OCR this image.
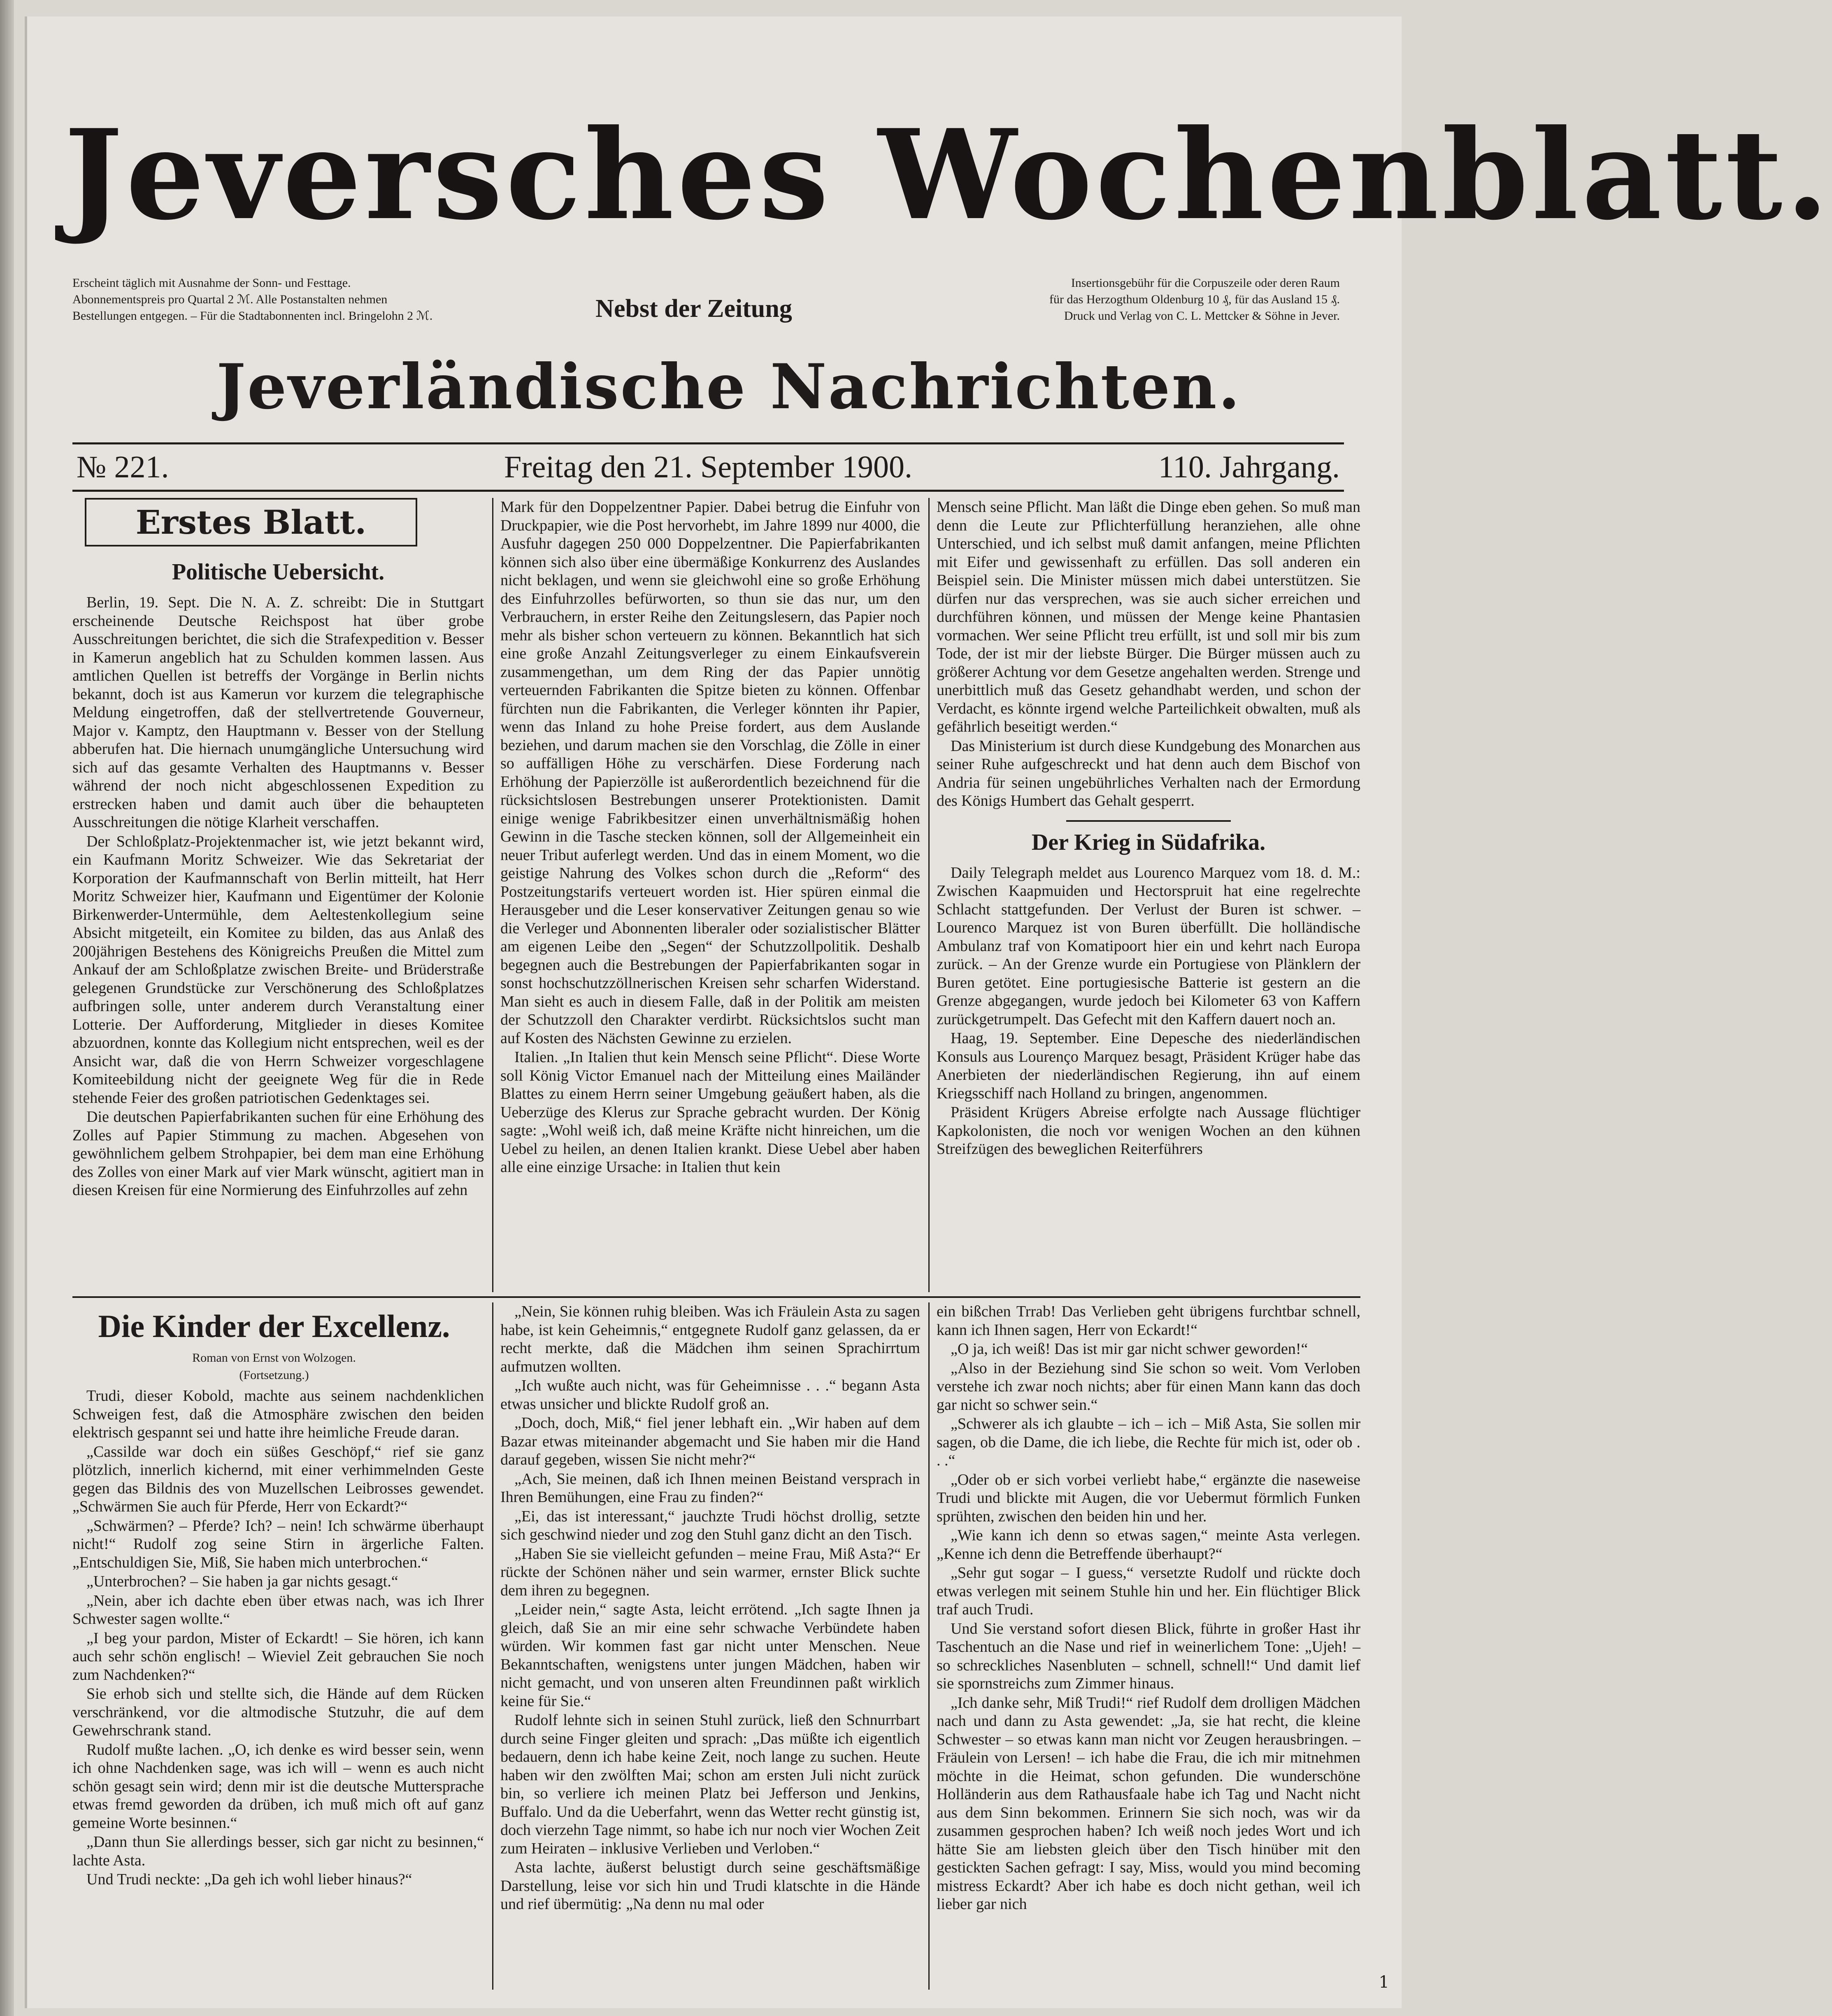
Jeversches Wochenblatt.
Erscheint täglich mit Ausnahme der Sonn- und Festtage.
Abonnementspreis pro Quartal 2 ℳ. Alle Postanstalten nehmen
Bestellungen entgegen. – Für die Stadtabonnenten incl. Bringelohn 2 ℳ.	Nebst der Zeitung
Insertionsgebühr für die Corpuszeile oder deren Raum
für das Herzogthum Oldenburg 10 ₰, für das Ausland 15 ₰.
Druck und Verlag von C. L. Mettcker & Söhne in Jever.
Jeverländische Nachrichten.
№ 221.	Freitag den 21. September 1900.	110. Jahrgang.
Erstes Blatt.

Politische Uebersicht.

Berlin, 19. Sept. Die N. A. Z. schreibt: Die in Stuttgart erscheinende Deutsche Reichspost hat über grobe Ausschreitungen berichtet, die sich die Strafexpedition v. Besser in Kamerun angeblich hat zu Schulden kommen lassen. Aus amtlichen Quellen ist betreffs der Vorgänge in Berlin nichts bekannt, doch ist aus Kamerun vor kurzem die telegraphische Meldung eingetroffen, daß der stellvertretende Gouverneur, Major v. Kamptz, den Hauptmann v. Besser von der Stellung abberufen hat. Die hiernach unumgängliche Untersuchung wird sich auf das gesamte Verhalten des Hauptmanns v. Besser während der noch nicht abgeschlossenen Expedition zu erstrecken haben und damit auch über die behaupteten Ausschreitungen die nötige Klarheit verschaffen.

Der Schloßplatz-Projektenmacher ist, wie jetzt bekannt wird, ein Kaufmann Moritz Schweizer. Wie das Sekretariat der Korporation der Kaufmannschaft von Berlin mitteilt, hat Herr Moritz Schweizer hier, Kaufmann und Eigentümer der Kolonie Birkenwerder-Untermühle, dem Aeltestenkollegium seine Absicht mitgeteilt, ein Komitee zu bilden, das aus Anlaß des 200jährigen Bestehens des Königreichs Preußen die Mittel zum Ankauf der am Schloßplatze zwischen Breite- und Brüderstraße gelegenen Grundstücke zur Verschönerung des Schloßplatzes aufbringen solle, unter anderem durch Veranstaltung einer Lotterie. Der Aufforderung, Mitglieder in dieses Komitee abzuordnen, konnte das Kollegium nicht entsprechen, weil es der Ansicht war, daß die von Herrn Schweizer vorgeschlagene Komiteebildung nicht der geeignete Weg für die in Rede stehende Feier des großen patriotischen Gedenktages sei.

Die deutschen Papierfabrikanten suchen für eine Erhöhung des Zolles auf Papier Stimmung zu machen. Abgesehen von gewöhnlichem gelbem Strohpapier, bei dem man eine Erhöhung des Zolles von einer Mark auf vier Mark wünscht, agitiert man in diesen Kreisen für eine Normierung des Einfuhrzolles auf zehn

Mark für den Doppelzentner Papier. Dabei betrug die Einfuhr von Druckpapier, wie die Post hervorhebt, im Jahre 1899 nur 4000, die Ausfuhr dagegen 250 000 Doppelzentner. Die Papierfabrikanten können sich also über eine übermäßige Konkurrenz des Auslandes nicht beklagen, und wenn sie gleichwohl eine so große Erhöhung des Einfuhrzolles befürworten, so thun sie das nur, um den Verbrauchern, in erster Reihe den Zeitungslesern, das Papier noch mehr als bisher schon verteuern zu können. Bekanntlich hat sich eine große Anzahl Zeitungsverleger zu einem Einkaufsverein zusammengethan, um dem Ring der das Papier unnötig verteuernden Fabrikanten die Spitze bieten zu können. Offenbar fürchten nun die Fabrikanten, die Verleger könnten ihr Papier, wenn das Inland zu hohe Preise fordert, aus dem Auslande beziehen, und darum machen sie den Vorschlag, die Zölle in einer so auffälligen Höhe zu verschärfen. Diese Forderung nach Erhöhung der Papierzölle ist außerordentlich bezeichnend für die rücksichtslosen Bestrebungen unserer Protektionisten. Damit einige wenige Fabrikbesitzer einen unverhältnismäßig hohen Gewinn in die Tasche stecken können, soll der Allgemeinheit ein neuer Tribut auferlegt werden. Und das in einem Moment, wo die geistige Nahrung des Volkes schon durch die „Reform“ des Postzeitungstarifs verteuert worden ist. Hier spüren einmal die Herausgeber und die Leser konservativer Zeitungen genau so wie die Verleger und Abonnenten liberaler oder sozialistischer Blätter am eigenen Leibe den „Segen“ der Schutzzollpolitik. Deshalb begegnen auch die Bestrebungen der Papierfabrikanten sogar in sonst hochschutzzöllnerischen Kreisen sehr scharfen Widerstand. Man sieht es auch in diesem Falle, daß in der Politik am meisten der Schutzzoll den Charakter verdirbt. Rücksichtslos sucht man auf Kosten des Nächsten Gewinne zu erzielen.

Italien. „In Italien thut kein Mensch seine Pflicht“. Diese Worte soll König Victor Emanuel nach der Mitteilung eines Mailänder Blattes zu einem Herrn seiner Umgebung geäußert haben, als die Ueberzüge des Klerus zur Sprache gebracht wurden. Der König sagte: „Wohl weiß ich, daß meine Kräfte nicht hinreichen, um die Uebel zu heilen, an denen Italien krankt. Diese Uebel aber haben alle eine einzige Ursache: in Italien thut kein

Mensch seine Pflicht. Man läßt die Dinge eben gehen. So muß man denn die Leute zur Pflichterfüllung heranziehen, alle ohne Unterschied, und ich selbst muß damit anfangen, meine Pflichten mit Eifer und gewissenhaft zu erfüllen. Das soll anderen ein Beispiel sein. Die Minister müssen mich dabei unterstützen. Sie dürfen nur das versprechen, was sie auch sicher erreichen und durchführen können, und müssen der Menge keine Phantasien vormachen. Wer seine Pflicht treu erfüllt, ist und soll mir bis zum Tode, der ist mir der liebste Bürger. Die Bürger müssen auch zu größerer Achtung vor dem Gesetze angehalten werden. Strenge und unerbittlich muß das Gesetz gehandhabt werden, und schon der Verdacht, es könnte irgend welche Parteilichkeit obwalten, muß als gefährlich beseitigt werden.“

Das Ministerium ist durch diese Kundgebung des Monarchen aus seiner Ruhe aufgeschreckt und hat denn auch dem Bischof von Andria für seinen ungebührliches Verhalten nach der Ermordung des Königs Humbert das Gehalt gesperrt.

Der Krieg in Südafrika.

Daily Telegraph meldet aus Lourenco Marquez vom 18. d. M.: Zwischen Kaapmuiden und Hectorspruit hat eine regelrechte Schlacht stattgefunden. Der Verlust der Buren ist schwer. – Lourenco Marquez ist von Buren überfüllt. Die holländische Ambulanz traf von Komatipoort hier ein und kehrt nach Europa zurück. – An der Grenze wurde ein Portugiese von Plänklern der Buren getötet. Eine portugiesische Batterie ist gestern an die Grenze abgegangen, wurde jedoch bei Kilometer 63 von Kaffern zurückgetrumpelt. Das Gefecht mit den Kaffern dauert noch an.

Haag, 19. September. Eine Depesche des niederländischen Konsuls aus Lourenço Marquez besagt, Präsident Krüger habe das Anerbieten der niederländischen Regierung, ihn auf einem Kriegsschiff nach Holland zu bringen, angenommen.

Präsident Krügers Abreise erfolgte nach Aussage flüchtiger Kapkolonisten, die noch vor wenigen Wochen an den kühnen Streifzügen des beweglichen Reiterführers

Die Kinder der Excellenz.
Roman von Ernst von Wolzogen.
(Fortsetzung.)

Trudi, dieser Kobold, machte aus seinem nachdenklichen Schweigen fest, daß die Atmosphäre zwischen den beiden elektrisch gespannt sei und hatte ihre heimliche Freude daran.

„Cassilde war doch ein süßes Geschöpf,“ rief sie ganz plötzlich, innerlich kichernd, mit einer verhimmelnden Geste gegen das Bildnis des von Muzellschen Leibrosses gewendet. „Schwärmen Sie auch für Pferde, Herr von Eckardt?“

„Schwärmen? – Pferde? Ich? – nein! Ich schwärme überhaupt nicht!“ Rudolf zog seine Stirn in ärgerliche Falten. „Entschuldigen Sie, Miß, Sie haben mich unterbrochen.“

„Unterbrochen? – Sie haben ja gar nichts gesagt.“

„Nein, aber ich dachte eben über etwas nach, was ich Ihrer Schwester sagen wollte.“

„I beg your pardon, Mister of Eckardt! – Sie hören, ich kann auch sehr schön englisch! – Wieviel Zeit gebrauchen Sie noch zum Nachdenken?“

Sie erhob sich und stellte sich, die Hände auf dem Rücken verschränkend, vor die altmodische Stutzuhr, die auf dem Gewehrschrank stand.

Rudolf mußte lachen. „O, ich denke es wird besser sein, wenn ich ohne Nachdenken sage, was ich will – wenn es auch nicht schön gesagt sein wird; denn mir ist die deutsche Muttersprache etwas fremd geworden da drüben, ich muß mich oft auf ganz gemeine Worte besinnen.“

„Dann thun Sie allerdings besser, sich gar nicht zu besinnen,“ lachte Asta.

Und Trudi neckte: „Da geh ich wohl lieber hinaus?“

„Nein, Sie können ruhig bleiben. Was ich Fräulein Asta zu sagen habe, ist kein Geheimnis,“ entgegnete Rudolf ganz gelassen, da er recht merkte, daß die Mädchen ihm seinen Sprachirrtum aufmutzen wollten.

„Ich wußte auch nicht, was für Geheimnisse . . .“ begann Asta etwas unsicher und blickte Rudolf groß an.

„Doch, doch, Miß,“ fiel jener lebhaft ein. „Wir haben auf dem Bazar etwas miteinander abgemacht und Sie haben mir die Hand darauf gegeben, wissen Sie nicht mehr?“

„Ach, Sie meinen, daß ich Ihnen meinen Beistand versprach in Ihren Bemühungen, eine Frau zu finden?“

„Ei, das ist interessant,“ jauchzte Trudi höchst drollig, setzte sich geschwind nieder und zog den Stuhl ganz dicht an den Tisch.

„Haben Sie sie vielleicht gefunden – meine Frau, Miß Asta?“ Er rückte der Schönen näher und sein warmer, ernster Blick suchte dem ihren zu begegnen.

„Leider nein,“ sagte Asta, leicht errötend. „Ich sagte Ihnen ja gleich, daß Sie an mir eine sehr schwache Verbündete haben würden. Wir kommen fast gar nicht unter Menschen. Neue Bekanntschaften, wenigstens unter jungen Mädchen, haben wir nicht gemacht, und von unseren alten Freundinnen paßt wirklich keine für Sie.“

Rudolf lehnte sich in seinen Stuhl zurück, ließ den Schnurrbart durch seine Finger gleiten und sprach: „Das müßte ich eigentlich bedauern, denn ich habe keine Zeit, noch lange zu suchen. Heute haben wir den zwölften Mai; schon am ersten Juli nicht zurück bin, so verliere ich meinen Platz bei Jefferson und Jenkins, Buffalo. Und da die Ueberfahrt, wenn das Wetter recht günstig ist, doch vierzehn Tage nimmt, so habe ich nur noch vier Wochen Zeit zum Heiraten – inklusive Verlieben und Verloben.“

Asta lachte, äußerst belustigt durch seine geschäftsmäßige Darstellung, leise vor sich hin und Trudi klatschte in die Hände und rief übermütig: „Na denn nu mal oder

ein bißchen Trrab! Das Verlieben geht übrigens furchtbar schnell, kann ich Ihnen sagen, Herr von Eckardt!“

„O ja, ich weiß! Das ist mir gar nicht schwer geworden!“

„Also in der Beziehung sind Sie schon so weit. Vom Verloben verstehe ich zwar noch nichts; aber für einen Mann kann das doch gar nicht so schwer sein.“

„Schwerer als ich glaubte – ich – ich – Miß Asta, Sie sollen mir sagen, ob die Dame, die ich liebe, die Rechte für mich ist, oder ob . . .“

„Oder ob er sich vorbei verliebt habe,“ ergänzte die naseweise Trudi und blickte mit Augen, die vor Uebermut förmlich Funken sprühten, zwischen den beiden hin und her.

„Wie kann ich denn so etwas sagen,“ meinte Asta verlegen. „Kenne ich denn die Betreffende überhaupt?“

„Sehr gut sogar – I guess,“ versetzte Rudolf und rückte doch etwas verlegen mit seinem Stuhle hin und her. Ein flüchtiger Blick traf auch Trudi.

Und Sie verstand sofort diesen Blick, führte in großer Hast ihr Taschentuch an die Nase und rief in weinerlichem Tone: „Ujeh! – so schreckliches Nasenbluten – schnell, schnell!“ Und damit lief sie spornstreichs zum Zimmer hinaus.

„Ich danke sehr, Miß Trudi!“ rief Rudolf dem drolligen Mädchen nach und dann zu Asta gewendet: „Ja, sie hat recht, die kleine Schwester – so etwas kann man nicht vor Zeugen herausbringen. – Fräulein von Lersen! – ich habe die Frau, die ich mir mitnehmen möchte in die Heimat, schon gefunden. Die wunderschöne Holländerin aus dem Rathausfaale habe ich Tag und Nacht nicht aus dem Sinn bekommen. Erinnern Sie sich noch, was wir da zusammen gesprochen haben? Ich weiß noch jedes Wort und ich hätte Sie am liebsten gleich über den Tisch hinüber mit den gestickten Sachen gefragt: I say, Miss, would you mind becoming mistress Eckardt? Aber ich habe es doch nicht gethan, weil ich lieber gar nich

1
